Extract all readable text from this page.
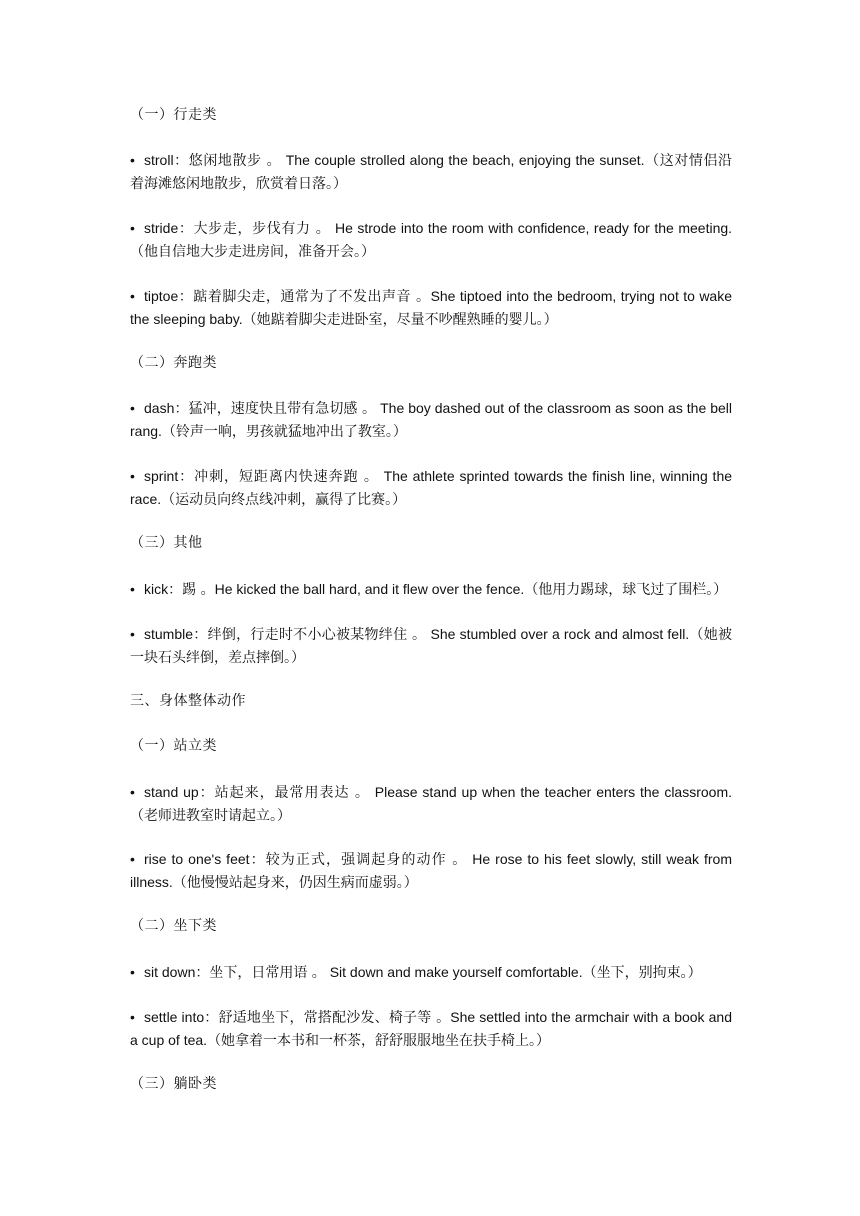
（一）行走类

• stroll：悠闲地散步 。 The couple strolled along the beach, enjoying the sunset.（这对情侣沿着海滩悠闲地散步，欣赏着日落。）

• stride：大步走，步伐有力 。 He strode into the room with confidence, ready for the meeting.（他自信地大步走进房间，准备开会。）

• tiptoe：踮着脚尖走，通常为了不发出声音 。She tiptoed into the bedroom, trying not to wake the sleeping baby.（她踮着脚尖走进卧室，尽量不吵醒熟睡的婴儿。）

（二）奔跑类

• dash：猛冲，速度快且带有急切感 。 The boy dashed out of the classroom as soon as the bell rang.（铃声一响，男孩就猛地冲出了教室。）

• sprint：冲刺，短距离内快速奔跑 。 The athlete sprinted towards the finish line, winning the race.（运动员向终点线冲刺，赢得了比赛。）

（三）其他

• kick：踢 。He kicked the ball hard, and it flew over the fence.（他用力踢球，球飞过了围栏。）

• stumble：绊倒，行走时不小心被某物绊住 。 She stumbled over a rock and almost fell.（她被一块石头绊倒，差点摔倒。）

三、身体整体动作

（一）站立类

• stand up：站起来，最常用表达 。 Please stand up when the teacher enters the classroom.（老师进教室时请起立。）

• rise to one's feet：较为正式，强调起身的动作 。 He rose to his feet slowly, still weak from illness.（他慢慢站起身来，仍因生病而虚弱。）

（二）坐下类

• sit down：坐下，日常用语 。 Sit down and make yourself comfortable.（坐下，别拘束。）

• settle into：舒适地坐下，常搭配沙发、椅子等 。She settled into the armchair with a book and a cup of tea.（她拿着一本书和一杯茶，舒舒服服地坐在扶手椅上。）

（三）躺卧类
